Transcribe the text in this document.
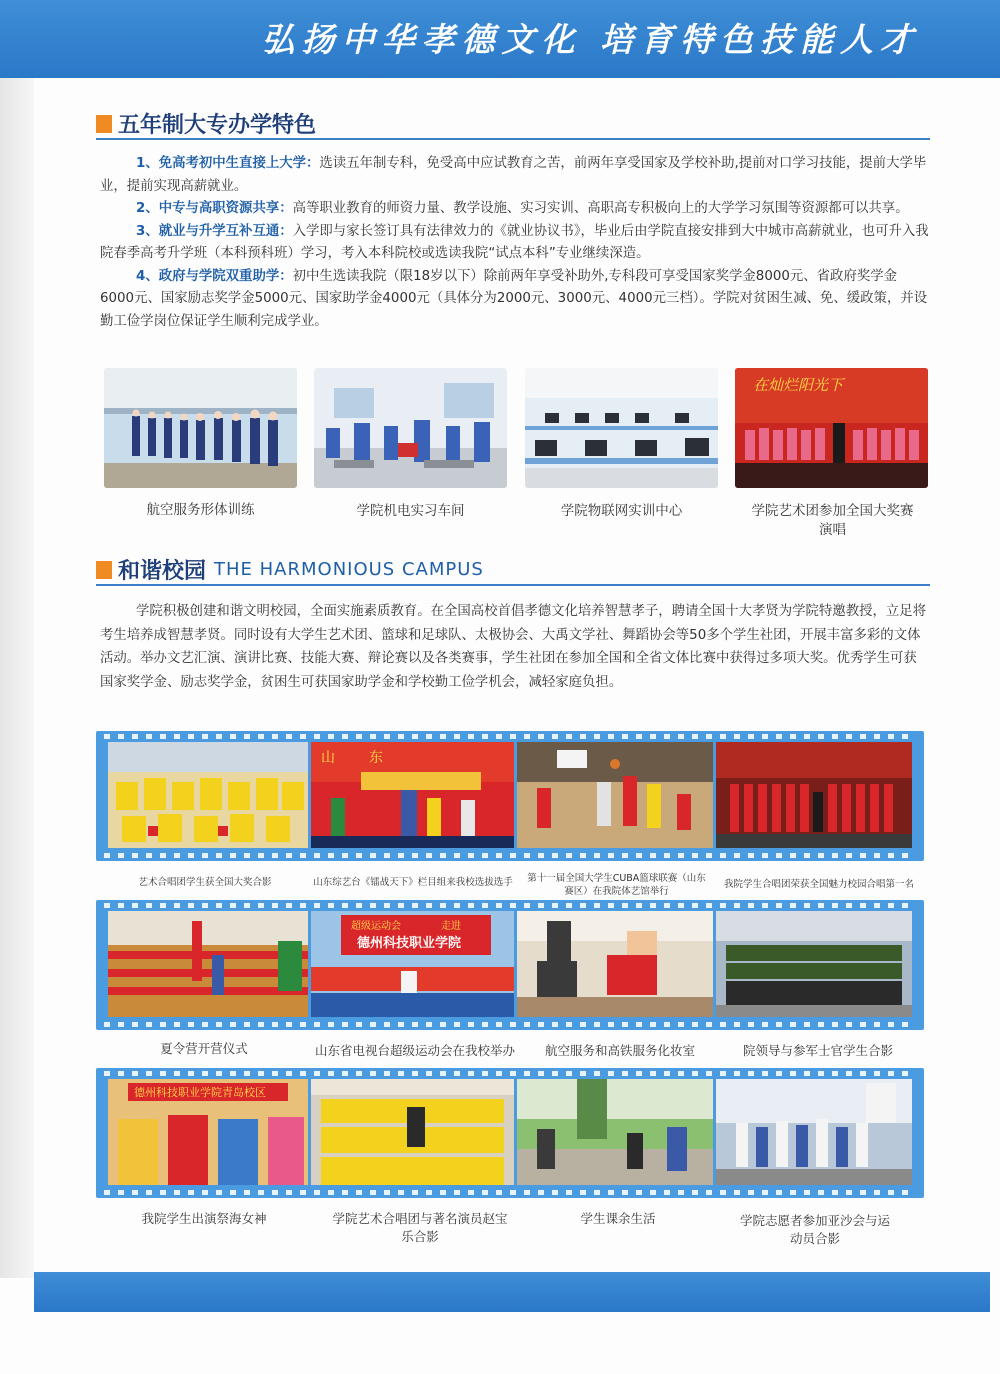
弘扬中华孝德文化 培育特色技能人才
五年制大专办学特色

1、免高考初中生直接上大学：选读五年制专科，免受高中应试教育之苦，前两年享受国家及学校补助,提前对口学习技能，提前大学毕业，提前实现高薪就业。

2、中专与高职资源共享：高等职业教育的师资力量、教学设施、实习实训、高职高专积极向上的大学学习氛围等资源都可以共享。

3、就业与升学互补互通：入学即与家长签订具有法律效力的《就业协议书》，毕业后由学院直接安排到大中城市高薪就业，也可升入我院春季高考升学班（本科预科班）学习，考入本科院校或选读我院“试点本科”专业继续深造。

4、政府与学院双重助学：初中生选读我院（限18岁以下）除前两年享受补助外,专科段可享受国家奖学金8000元、省政府奖学金6000元、国家励志奖学金5000元、国家助学金4000元（具体分为2000元、3000元、4000元三档）。学院对贫困生减、免、缓政策，并设勤工俭学岗位保证学生顺利完成学业。

在灿烂阳光下
航空服务形体训练	学院机电实习车间	学院物联网实训中心	学院艺术团参加全国大奖赛演唱
和谐校园 THE HARMONIOUS CAMPUS

学院积极创建和谐文明校园，全面实施素质教育。在全国高校首倡孝德文化培养智慧孝子，聘请全国十大孝贤为学院特邀教授，立足将考生培养成智慧孝贤。同时设有大学生艺术团、篮球和足球队、太极协会、大禹文学社、舞蹈协会等50多个学生社团，开展丰富多彩的文体活动。举办文艺汇演、演讲比赛、技能大赛、辩论赛以及各类赛事，学生社团在参加全国和全省文体比赛中获得过多项大奖。优秀学生可获国家奖学金、励志奖学金，贫困生可获国家助学金和学校勤工俭学机会，减轻家庭负担。

山 东
艺术合唱团学生获全国大奖合影	山东综艺台《镭战天下》栏目组来我校选拔选手	第十一届全国大学生CUBA篮球联赛（山东赛区）在我院体艺馆举行
我院学生合唱团荣获全国魅力校园合唱第一名
超级运动会	走进
德州科技职业学院
夏令营开营仪式	山东省电视台超级运动会在我校举办	航空服务和高铁服务化妆室	院领导与参军士官学生合影
德州科技职业学院青岛校区
我院学生出演祭海女神	学院艺术合唱团与著名演员赵宝乐合影
学生课余生活	学院志愿者参加亚沙会与运动员合影
